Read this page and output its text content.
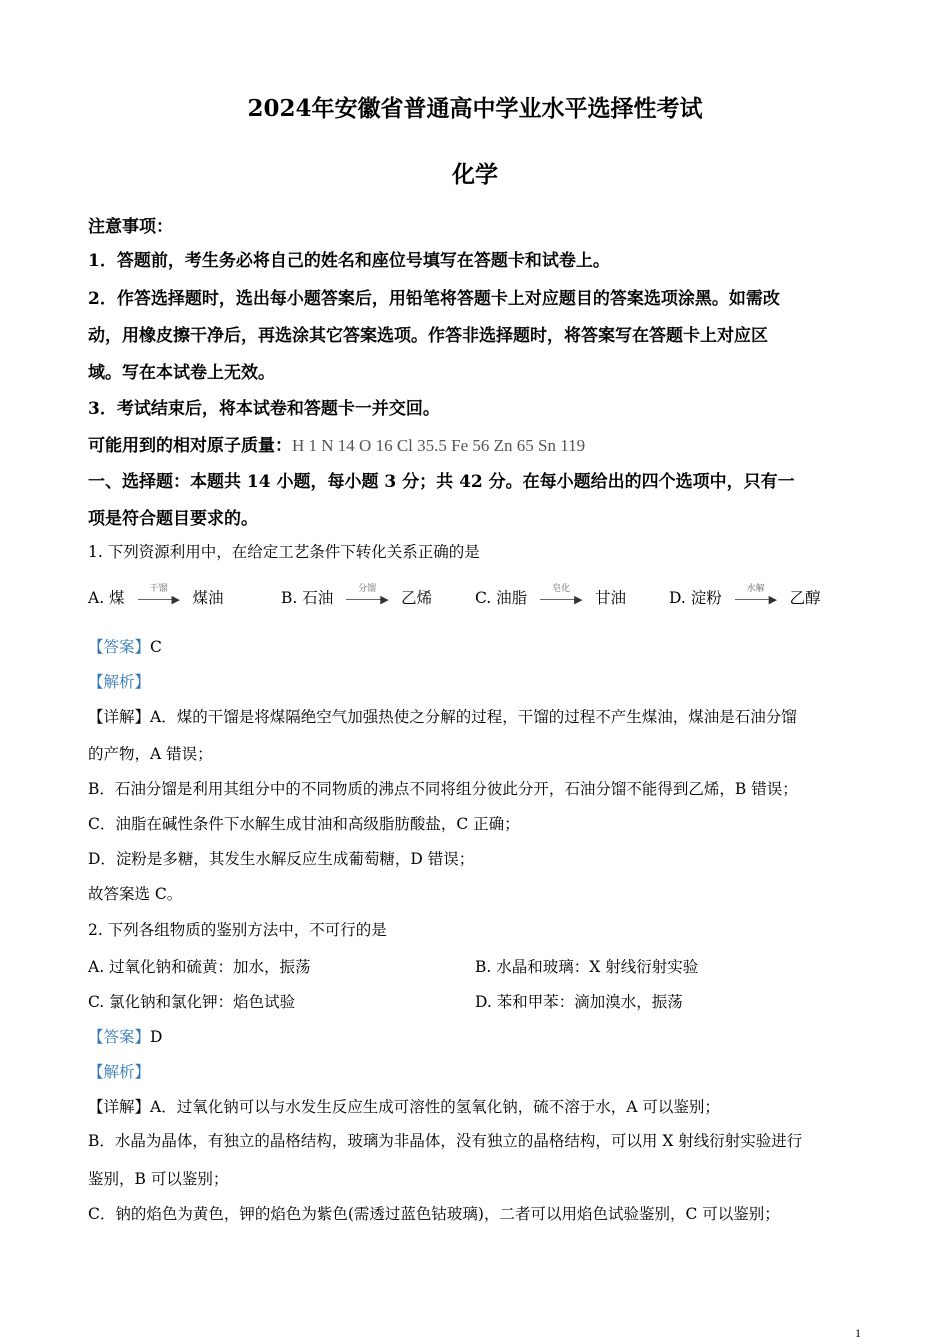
2024年安徽省普通高中学业水平选择性考试
化学
注意事项：
1．答题前，考生务必将自己的姓名和座位号填写在答题卡和试卷上。
2．作答选择题时，选出每小题答案后，用铅笔将答题卡上对应题目的答案选项涂黑。如需改
动，用橡皮擦干净后，再选涂其它答案选项。作答非选择题时，将答案写在答题卡上对应区
域。写在本试卷上无效。
3．考试结束后，将本试卷和答题卡一并交回。
可能用到的相对原子质量：H 1 N 14 O 16 Cl 35.5 Fe 56 Zn 65 Sn 119
一、选择题：本题共 14 小题，每小题 3 分；共 42 分。在每小题给出的四个选项中，只有一
项是符合题目要求的。
1. 下列资源利用中，在给定工艺条件下转化关系正确的是
A. 煤	干馏
▶ 煤油	B. 石油	分馏
▶ 乙烯	C. 油脂	皂化
▶ 甘油	D. 淀粉	水解
▶ 乙醇
【答案】C
【解析】
【详解】A．煤的干馏是将煤隔绝空气加强热使之分解的过程，干馏的过程不产生煤油，煤油是石油分馏
的产物，A 错误；
B．石油分馏是利用其组分中的不同物质的沸点不同将组分彼此分开，石油分馏不能得到乙烯，B 错误；
C．油脂在碱性条件下水解生成甘油和高级脂肪酸盐，C 正确；
D．淀粉是多糖，其发生水解反应生成葡萄糖，D 错误；
故答案选 C。
2. 下列各组物质的鉴别方法中，不可行的是
A. 过氧化钠和硫黄：加水，振荡	B. 水晶和玻璃：X 射线衍射实验
C. 氯化钠和氯化钾：焰色试验	D. 苯和甲苯：滴加溴水，振荡
【答案】D
【解析】
【详解】A．过氧化钠可以与水发生反应生成可溶性的氢氧化钠，硫不溶于水，A 可以鉴别；
B．水晶为晶体，有独立的晶格结构，玻璃为非晶体，没有独立的晶格结构，可以用 X 射线衍射实验进行
鉴别，B 可以鉴别；
C．钠的焰色为黄色，钾的焰色为紫色(需透过蓝色钴玻璃)，二者可以用焰色试验鉴别，C 可以鉴别；
1
